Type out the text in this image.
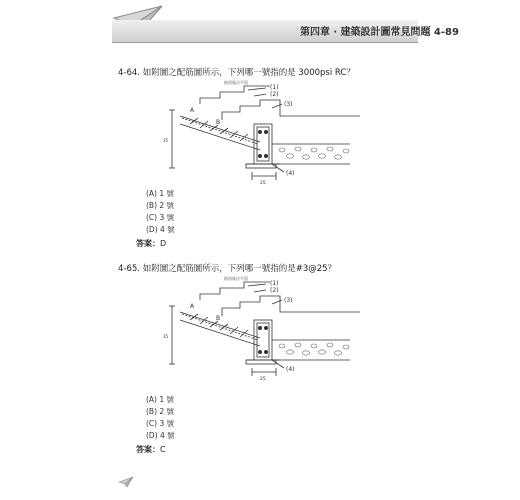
第四章 ‧ 建築設計圖常見問題 4-89
4-64. 如附圖之配筋圖所示，下列哪一號指的是 3000psi RC？
(1)
(2)
(3)
(4)
踏面做法平面
A
B
35
25
(A) 1 號
(B) 2 號
(C) 3 號
(D) 4 號
答案：D
4-65. 如附圖之配筋圖所示，下列哪一號指的是#3@25？
(1)
(2)
(3)
(4)
踏面做法平面
A
B
35
25
(A) 1 號
(B) 2 號
(C) 3 號
(D) 4 號
答案：C
